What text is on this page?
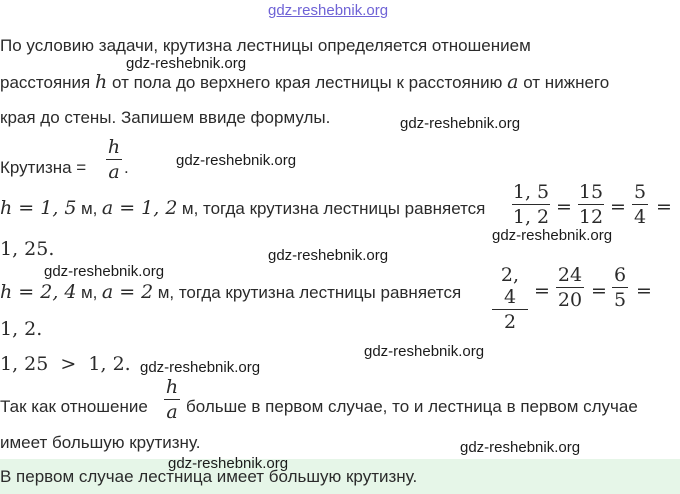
gdz-reshebnik.org
По условию задачи, крутизна лестницы определяется отношением
расстояния h от пола до верхнего края лестницы к расстоянию a от нижнего
края до стены. Запишем ввиде формулы.
Крутизна =
h
a .
h = 1, 5 м, a = 1, 2 м, тогда крутизна лестницы равняется
1, 5
1, 2 =
15
12 =
5
4 =
1, 25.
h = 2, 4 м, a = 2 м, тогда крутизна лестницы равняется
2, 4
2
=
24
20 =
6
5 =
1, 2.
1, 25  >  1, 2.
Так как отношение
h
a больше в первом случае, то и лестница в первом случае
имеет большую крутизну.
В первом случае лестница имеет большую крутизну.
gdz-reshebnik.org
gdz-reshebnik.org
gdz-reshebnik.org
gdz-reshebnik.org
gdz-reshebnik.org
gdz-reshebnik.org
gdz-reshebnik.org
gdz-reshebnik.org
gdz-reshebnik.org
gdz-reshebnik.org
